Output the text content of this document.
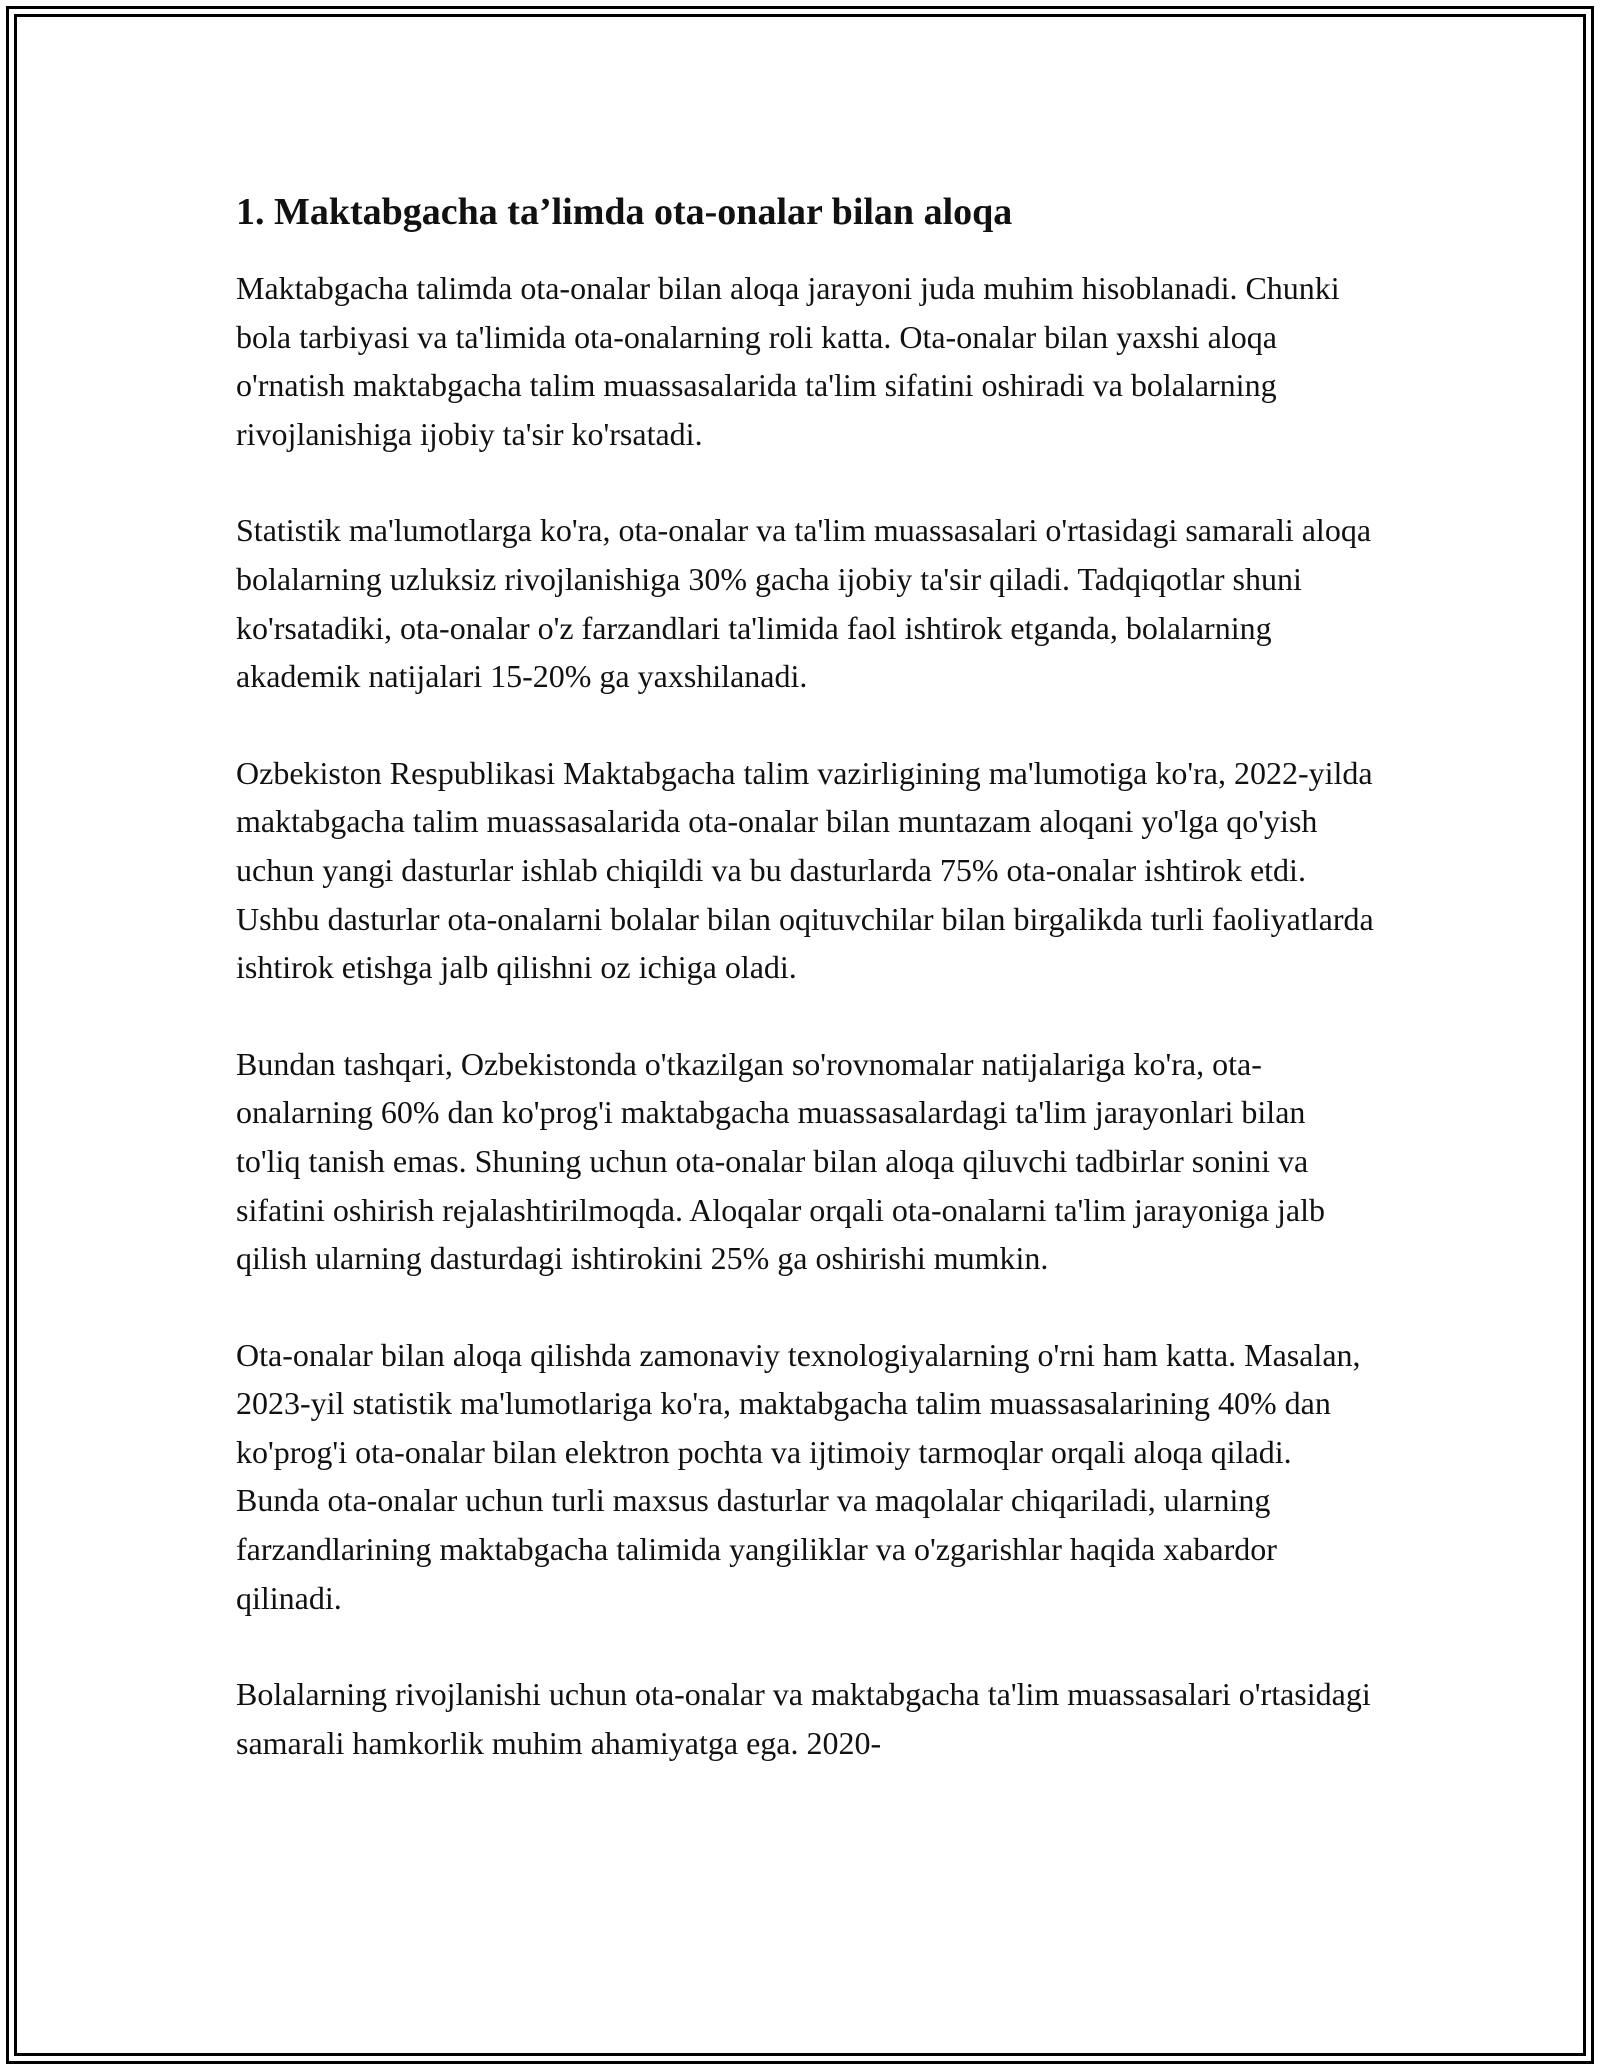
1. Maktabgacha ta’limda ota-onalar bilan aloqa

Maktabgacha talimda ota-onalar bilan aloqa jarayoni juda muhim hisoblanadi. Chunki bola tarbiyasi va ta'limida ota-onalarning roli katta. Ota-onalar bilan yaxshi aloqa o'rnatish maktabgacha talim muassasalarida ta'lim sifatini oshiradi va bolalarning rivojlanishiga ijobiy ta'sir ko'rsatadi.

Statistik ma'lumotlarga ko'ra, ota-onalar va ta'lim muassasalari o'rtasidagi samarali aloqa bolalarning uzluksiz rivojlanishiga 30% gacha ijobiy ta'sir qiladi. Tadqiqotlar shuni ko'rsatadiki, ota-onalar o'z farzandlari ta'limida faol ishtirok etganda, bolalarning akademik natijalari 15-20% ga yaxshilanadi.

Ozbekiston Respublikasi Maktabgacha talim vazirligining ma'lumotiga ko'ra, 2022-yilda maktabgacha talim muassasalarida ota-onalar bilan muntazam aloqani yo'lga qo'yish uchun yangi dasturlar ishlab chiqildi va bu dasturlarda 75% ota-onalar ishtirok etdi. Ushbu dasturlar ota-onalarni bolalar bilan oqituvchilar bilan birgalikda turli faoliyatlarda ishtirok etishga jalb qilishni oz ichiga oladi.

Bundan tashqari, Ozbekistonda o'tkazilgan so'rovnomalar natijalariga ko'ra, ota-onalarning 60% dan ko'prog'i maktabgacha muassasalardagi ta'lim jarayonlari bilan to'liq tanish emas. Shuning uchun ota-onalar bilan aloqa qiluvchi tadbirlar sonini va sifatini oshirish rejalashtirilmoqda. Aloqalar orqali ota-onalarni ta'lim jarayoniga jalb qilish ularning dasturdagi ishtirokini 25% ga oshirishi mumkin.

Ota-onalar bilan aloqa qilishda zamonaviy texnologiyalarning o'rni ham katta. Masalan, 2023-yil statistik ma'lumotlariga ko'ra, maktabgacha talim muassasalarining 40% dan ko'prog'i ota-onalar bilan elektron pochta va ijtimoiy tarmoqlar orqali aloqa qiladi. Bunda ota-onalar uchun turli maxsus dasturlar va maqolalar chiqariladi, ularning farzandlarining maktabgacha talimida yangiliklar va o'zgarishlar haqida xabardor qilinadi.

Bolalarning rivojlanishi uchun ota-onalar va maktabgacha ta'lim muassasalari o'rtasidagi samarali hamkorlik muhim ahamiyatga ega. 2020-
